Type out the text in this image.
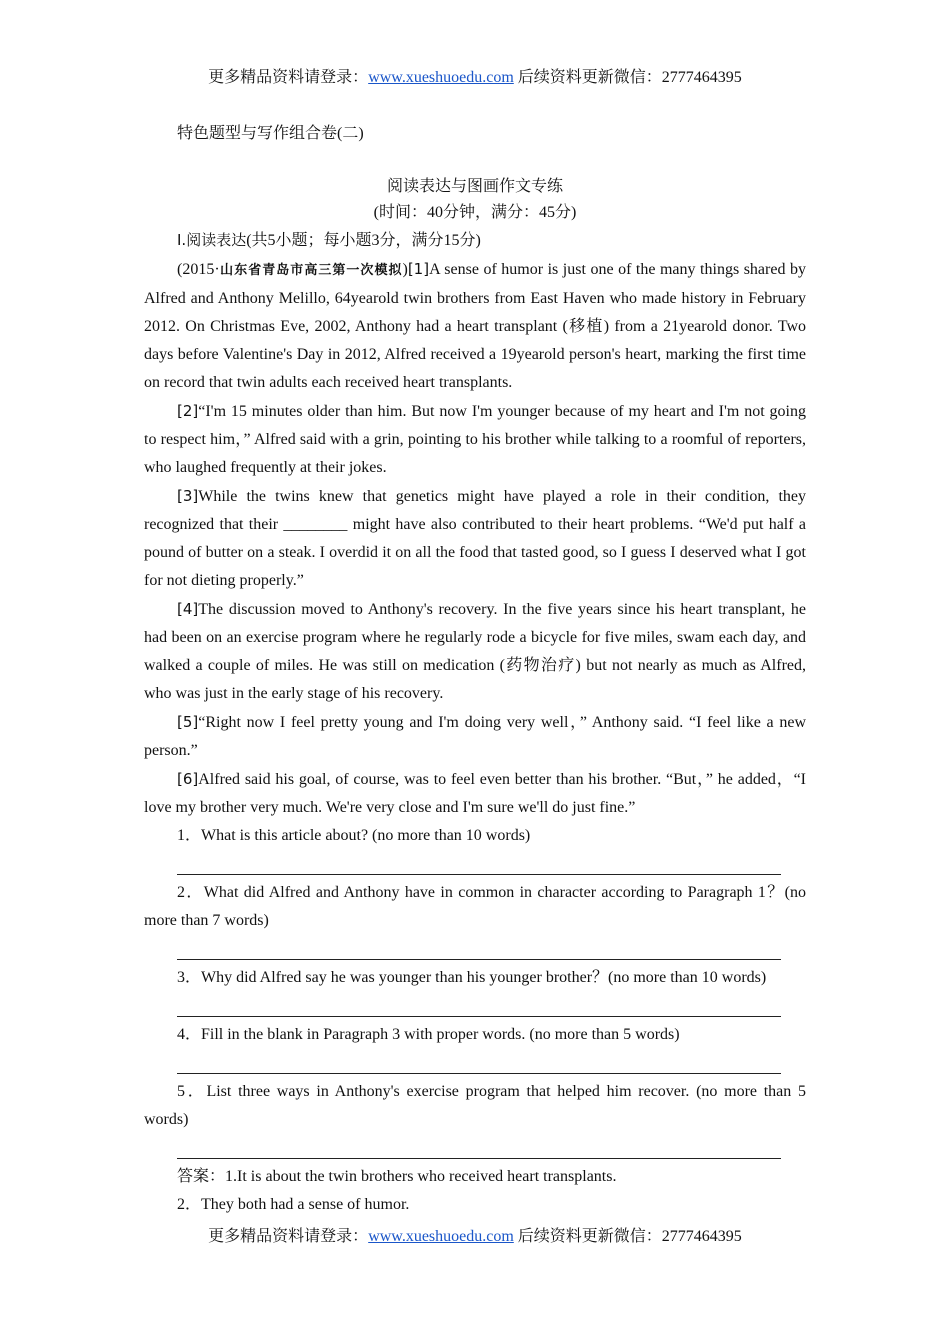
更多精品资料请登录：www.xueshuoedu.com 后续资料更新微信：2777464395

特色题型与写作组合卷(二)

阅读表达与图画作文专练

(时间：40分钟，满分：45分)

Ⅰ.阅读表达(共5小题；每小题3分，满分15分)

(2015·山东省青岛市高三第一次模拟)[1]A sense of humor is just one of the many things shared by Alfred and Anthony Melillo, 64yearold twin brothers from East Haven who made history in February 2012. On Christmas Eve, 2002, Anthony had a heart transplant (移植) from a 21yearold donor. Two days before Valentine's Day in 2012, Alfred received a 19yearold person's heart, marking the first time on record that twin adults each received heart transplants.

[2]“I'm 15 minutes older than him. But now I'm younger because of my heart and I'm not going to respect him，” Alfred said with a grin, pointing to his brother while talking to a roomful of reporters, who laughed frequently at their jokes.

[3]While the twins knew that genetics might have played a role in their condition, they recognized that their ________ might have also contributed to their heart problems. “We'd put half a pound of butter on a steak. I overdid it on all the food that tasted good, so I guess I deserved what I got for not dieting properly.”

[4]The discussion moved to Anthony's recovery. In the five years since his heart transplant, he had been on an exercise program where he regularly rode a bicycle for five miles, swam each day, and walked a couple of miles. He was still on medication (药物治疗) but not nearly as much as Alfred, who was just in the early stage of his recovery.

[5]“Right now I feel pretty young and I'm doing very well，” Anthony said. “I feel like a new person.”

[6]Alfred said his goal, of course, was to feel even better than his brother. “But，” he added，“I love my brother very much. We're very close and I'm sure we'll do just fine.”

1．What is this article about? (no more than 10 words)

2．What did Alfred and Anthony have in common in character according to Paragraph 1？(no more than 7 words)

3．Why did Alfred say he was younger than his younger brother？(no more than 10 words)

4．Fill in the blank in Paragraph 3 with proper words. (no more than 5 words)

5．List three ways in Anthony's exercise program that helped him recover. (no more than 5 words)

答案：1.It is about the twin brothers who received heart transplants.

2．They both had a sense of humor.

更多精品资料请登录：www.xueshuoedu.com 后续资料更新微信：2777464395
